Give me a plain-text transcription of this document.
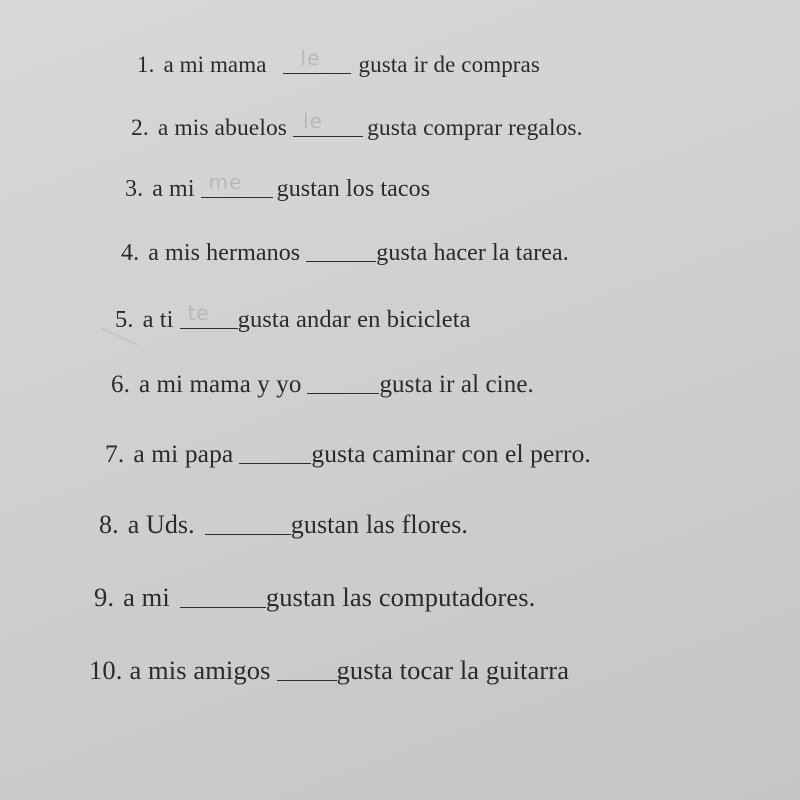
1. a mi mama le gusta ir de compras
2. a mis abuelos le gusta comprar regalos.
3. a mi me gustan los tacos
4. a mis hermanos	gusta hacer la tarea.
5. a ti te gusta andar en bicicleta
6. a mi mama y yo	gusta ir al cine.
7. a mi papa	gusta caminar con el perro.
8. a Uds.	gustan las flores.
9. a mi	gustan las computadores.
10. a mis amigos gusta tocar la guitarra
